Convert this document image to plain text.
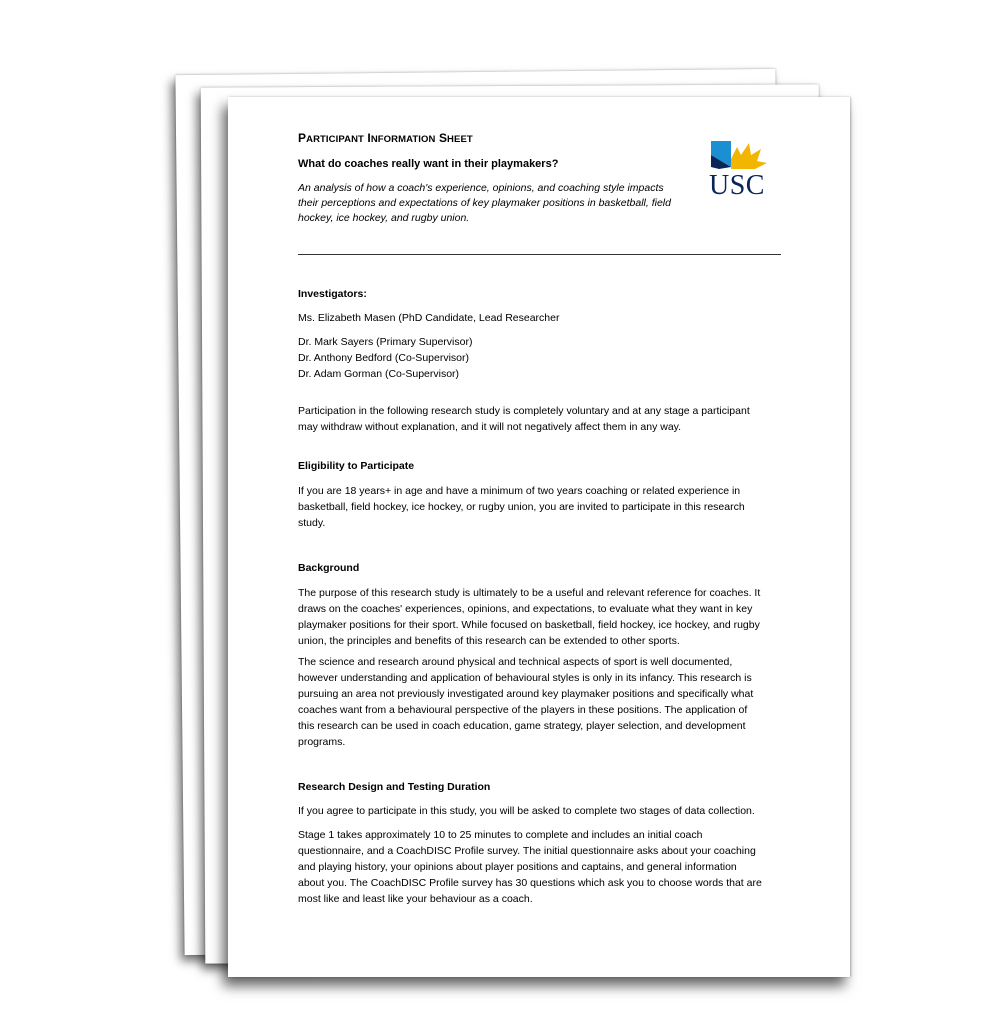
PARTICIPANT INFORMATION SHEET
What do coaches really want in their playmakers?
An analysis of how a coach's experience, opinions, and coaching style impacts
their perceptions and expectations of key playmaker positions in basketball, field
hockey, ice hockey, and rugby union.
USC
Investigators:
Ms. Elizabeth Masen (PhD Candidate, Lead Researcher
Dr. Mark Sayers (Primary Supervisor)
Dr. Anthony Bedford (Co-Supervisor)
Dr. Adam Gorman (Co-Supervisor)
Participation in the following research study is completely voluntary and at any stage a participant
may withdraw without explanation, and it will not negatively affect them in any way.
Eligibility to Participate
If you are 18 years+ in age and have a minimum of two years coaching or related experience in
basketball, field hockey, ice hockey, or rugby union, you are invited to participate in this research
study.
Background
The purpose of this research study is ultimately to be a useful and relevant reference for coaches. It
draws on the coaches' experiences, opinions, and expectations, to evaluate what they want in key
playmaker positions for their sport. While focused on basketball, field hockey, ice hockey, and rugby
union, the principles and benefits of this research can be extended to other sports.
The science and research around physical and technical aspects of sport is well documented,
however understanding and application of behavioural styles is only in its infancy. This research is
pursuing an area not previously investigated around key playmaker positions and specifically what
coaches want from a behavioural perspective of the players in these positions. The application of
this research can be used in coach education, game strategy, player selection, and development
programs.
Research Design and Testing Duration
If you agree to participate in this study, you will be asked to complete two stages of data collection.
Stage 1 takes approximately 10 to 25 minutes to complete and includes an initial coach
questionnaire, and a CoachDISC Profile survey. The initial questionnaire asks about your coaching
and playing history, your opinions about player positions and captains, and general information
about you. The CoachDISC Profile survey has 30 questions which ask you to choose words that are
most like and least like your behaviour as a coach.
